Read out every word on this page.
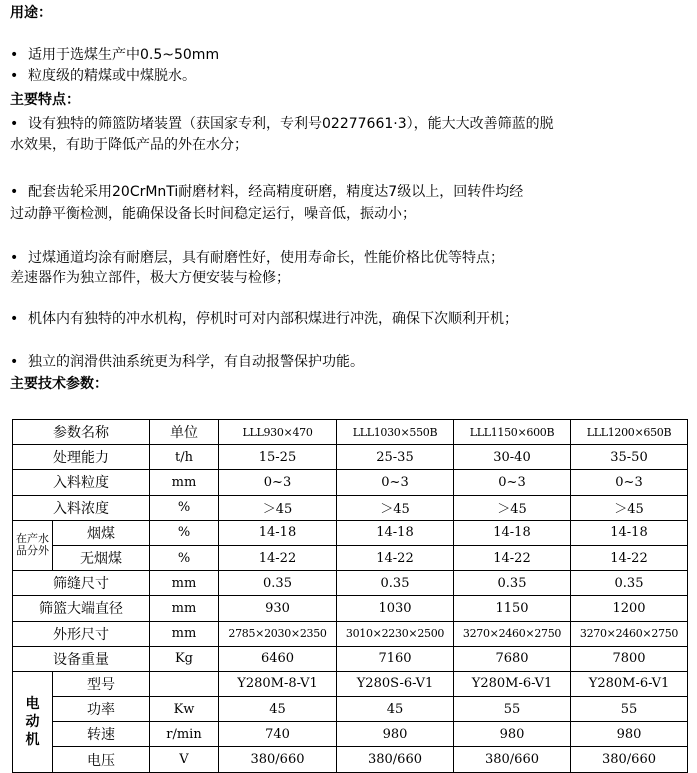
用途：
• 适用于选煤生产中0.5~50mm
• 粒度级的精煤或中煤脱水。
主要特点：
• 设有独特的筛篮防堵装置（获国家专利，专利号02277661·3），能大大改善筛蓝的脱
水效果，有助于降低产品的外在水分；
• 配套齿轮采用20CrMnTi耐磨材料，经高精度研磨，精度达7级以上，回转件均经
过动静平衡检测，能确保设备长时间稳定运行，噪音低，振动小；
• 过煤通道均涂有耐磨层，具有耐磨性好，使用寿命长，性能价格比优等特点；
差速器作为独立部件，极大方便安装与检修；
• 机体内有独特的冲水机构，停机时可对内部积煤进行冲洗，确保下次顺利开机；
• 独立的润滑供油系统更为科学，有自动报警保护功能。
主要技术参数：
参数名称		单位	LLL930×470	LLL1030×550B	LLL1150×600B	LLL1200×650B
处理能力		t/h	15-25	25-35	30-40	35-50
入料粒度		mm	0~3	0~3	0~3	0~3
入料浓度		%	＞45	＞45	＞45	＞45
在产水品分外	烟煤	%	14-18	14-18	14-18	14-18
	无烟煤	%	14-22	14-22	14-22	14-22
筛缝尺寸		mm	0.35	0.35	0.35	0.35
筛篮大端直径		mm	930	1030	1150	1200
外形尺寸		mm	2785×2030×2350	3010×2230×2500	3270×2460×2750	3270×2460×2750
设备重量		Kg	6460	7160	7680	7800
电动机	型号		Y280M-8-V1	Y280S-6-V1	Y280M-6-V1	Y280M-6-V1
	功率	Kw	45	45	55	55
	转速	r/min	740	980	980	980
	电压	V	380/660	380/660	380/660	380/660
